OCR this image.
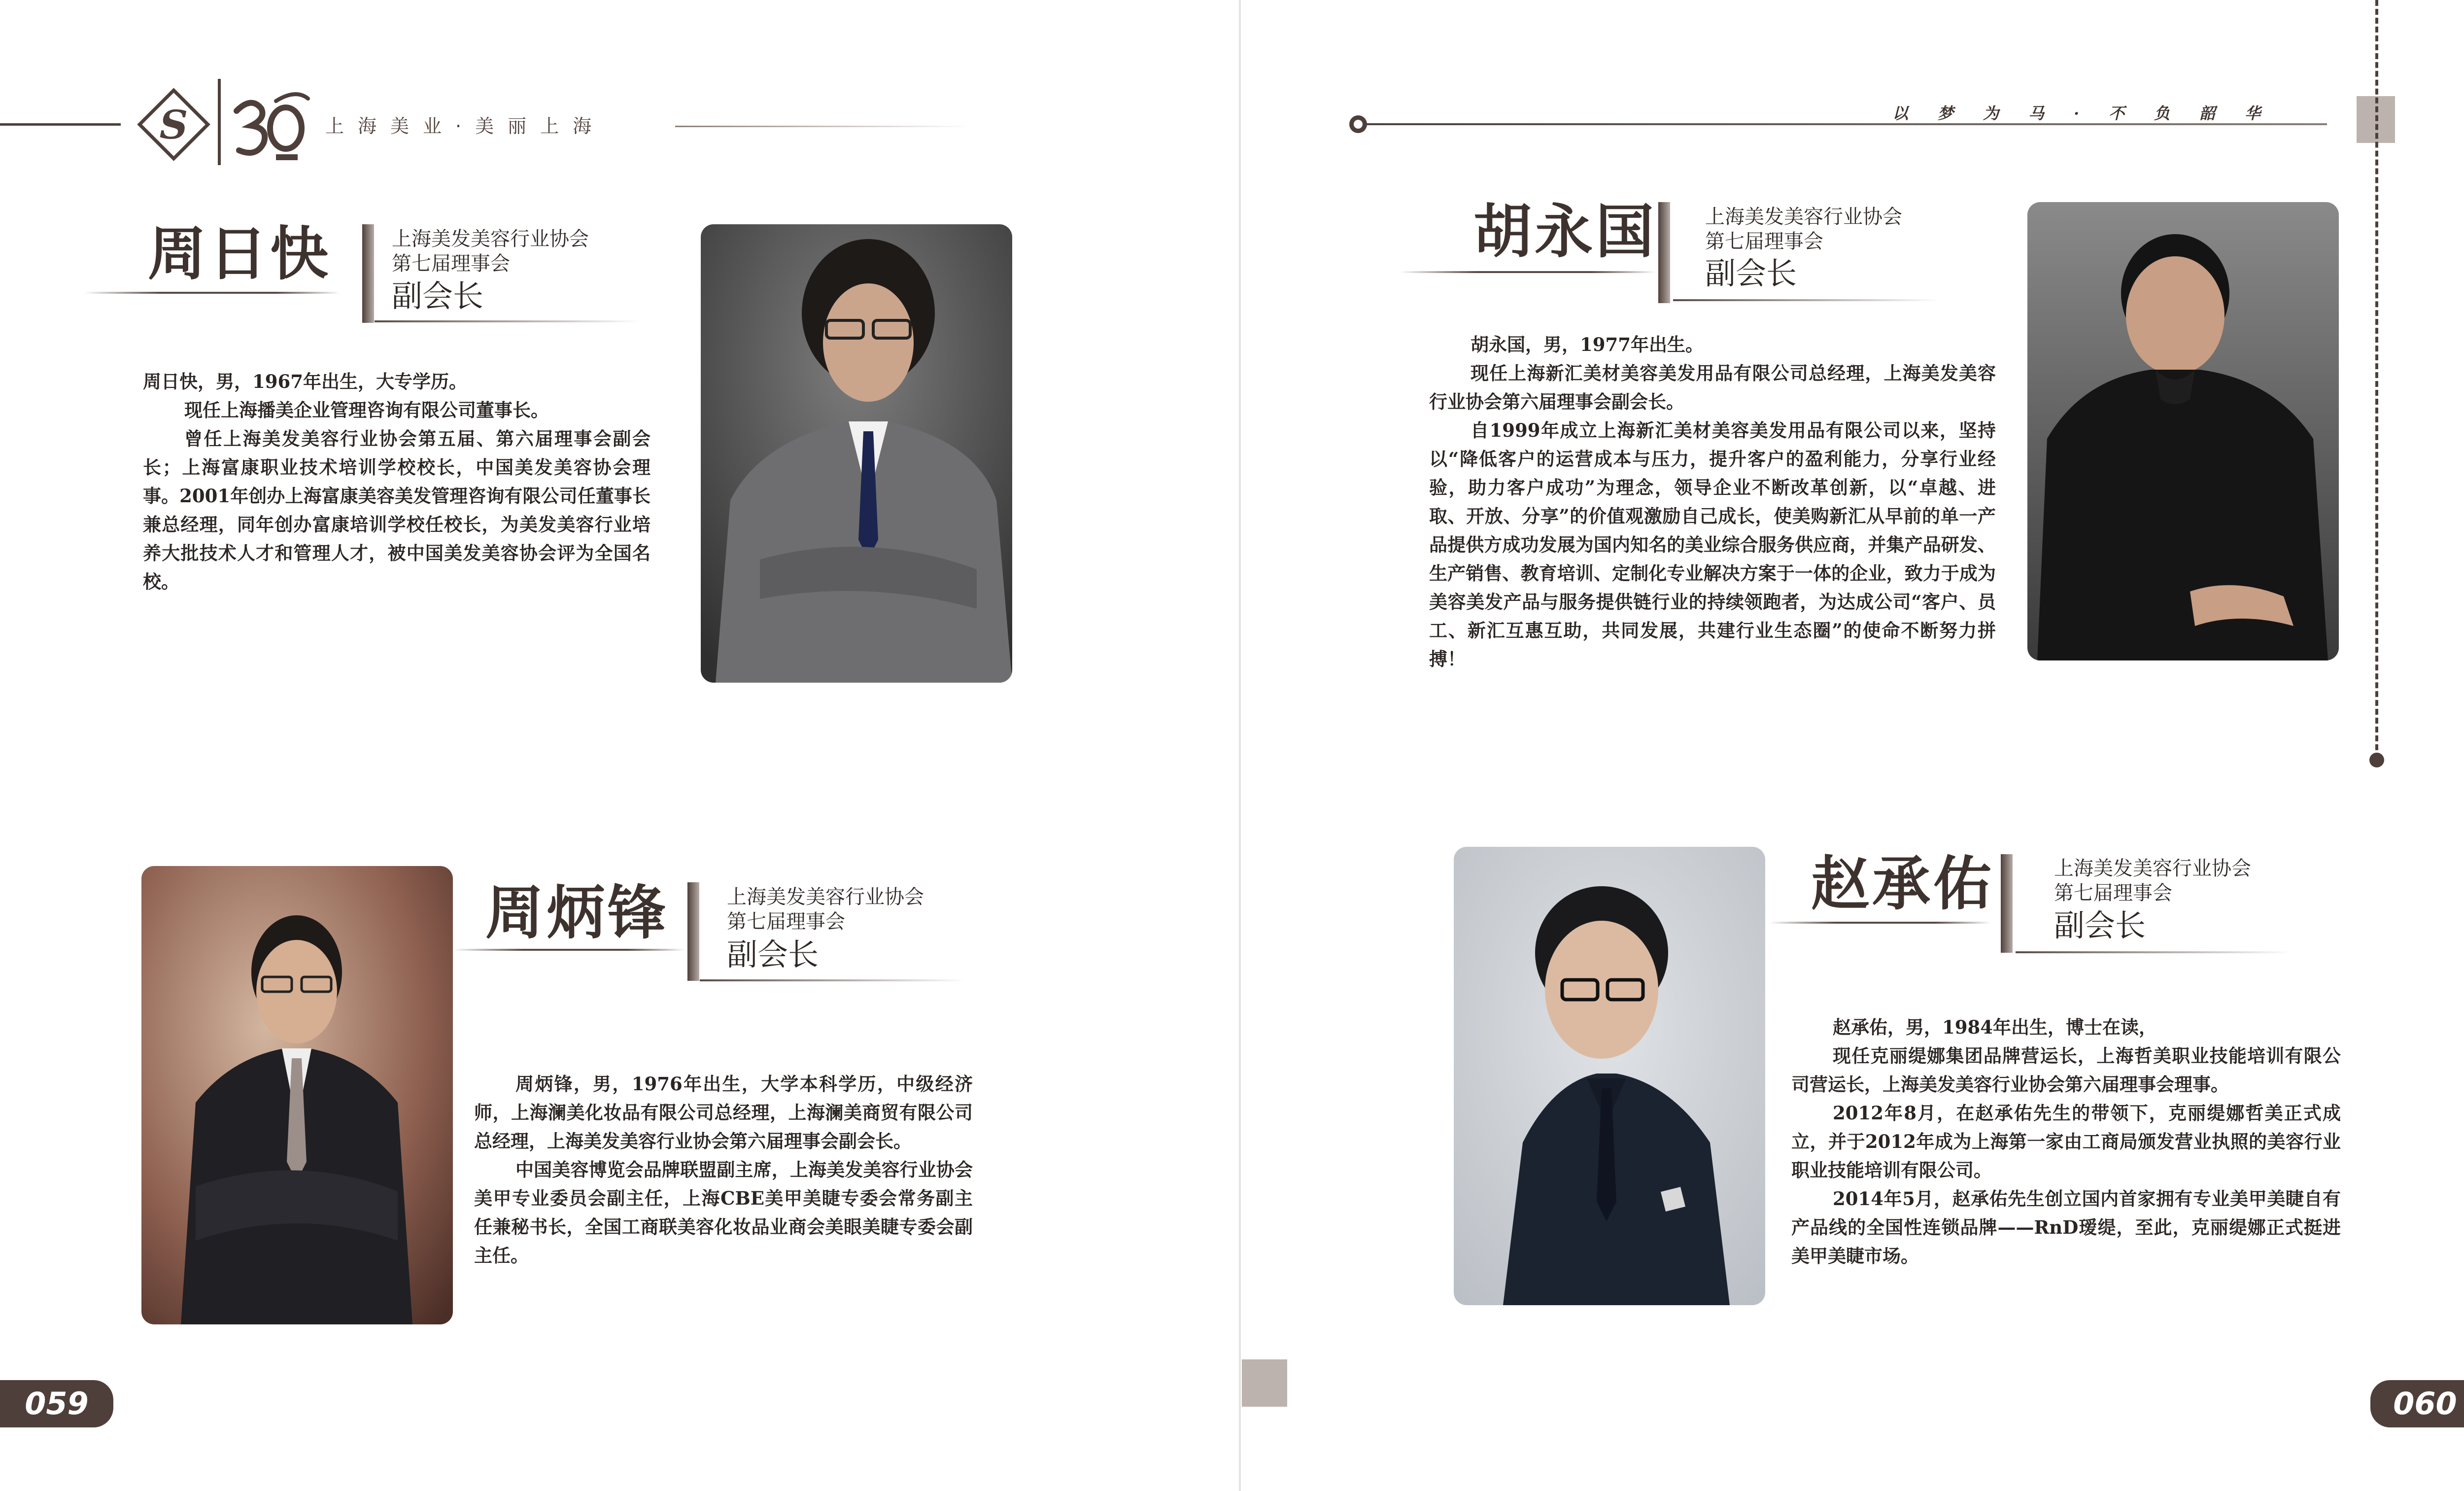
S	上海美业·美丽上海
以梦为马·不负韶华
周日快	上海美发美容行业协会
第七届理事会
副会长

周日快，男，1967年出生，大专学历。

现任上海播美企业管理咨询有限公司董事长。

曾任上海美发美容行业协会第五届、第六届理事会副会长；上海富康职业技术培训学校校长，中国美发美容协会理事。2001年创办上海富康美容美发管理咨询有限公司任董事长兼总经理，同年创办富康培训学校任校长，为美发美容行业培养大批技术人才和管理人才，被中国美发美容协会评为全国名校。

周炳锋	上海美发美容行业协会
第七届理事会
副会长

周炳锋，男，1976年出生，大学本科学历，中级经济师，上海澜美化妆品有限公司总经理，上海澜美商贸有限公司总经理，上海美发美容行业协会第六届理事会副会长。

中国美容博览会品牌联盟副主席，上海美发美容行业协会美甲专业委员会副主任，上海CBE美甲美睫专委会常务副主任兼秘书长，全国工商联美容化妆品业商会美眼美睫专委会副主任。

胡永国 上海美发美容行业协会
第七届理事会
副会长

胡永国，男，1977年出生。

现任上海新汇美材美容美发用品有限公司总经理，上海美发美容行业协会第六届理事会副会长。

自1999年成立上海新汇美材美容美发用品有限公司以来，坚持以“降低客户的运营成本与压力，提升客户的盈利能力，分享行业经验，助力客户成功”为理念，领导企业不断改革创新，以“卓越、进取、开放、分享”的价值观激励自己成长，使美购新汇从早前的单一产品提供方成功发展为国内知名的美业综合服务供应商，并集产品研发、生产销售、教育培训、定制化专业解决方案于一体的企业，致力于成为美容美发产品与服务提供链行业的持续领跑者，为达成公司“客户、员工、新汇互惠互助，共同发展，共建行业生态圈”的使命不断努力拼搏！

赵承佑	上海美发美容行业协会
第七届理事会
副会长

赵承佑，男，1984年出生，博士在读，

现任克丽缇娜集团品牌营运长，上海哲美职业技能培训有限公司营运长，上海美发美容行业协会第六届理事会理事。

2012年8月，在赵承佑先生的带领下，克丽缇娜哲美正式成立，并于2012年成为上海第一家由工商局颁发营业执照的美容行业职业技能培训有限公司。

2014年5月，赵承佑先生创立国内首家拥有专业美甲美睫自有产品线的全国性连锁品牌——RnD瑷缇，至此，克丽缇娜正式挺进美甲美睫市场。

059	060
